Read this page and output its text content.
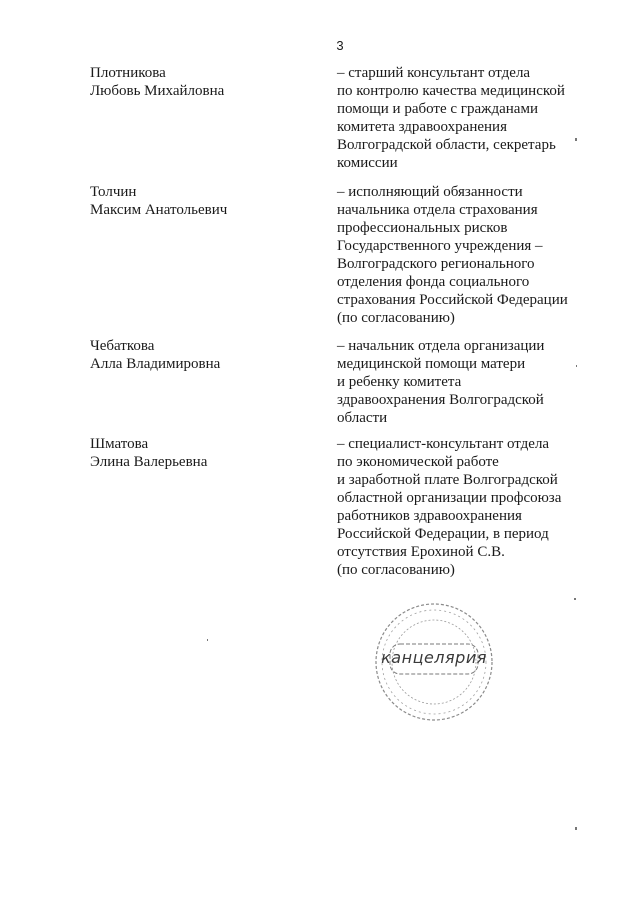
3
Плотникова
Любовь Михайловна
– старший консультант отдела
по контролю качества медицинской
помощи и работе с гражданами
комитета здравоохранения
Волгоградской области, секретарь
комиссии
Толчин
Максим Анатольевич
– исполняющий обязанности
начальника отдела страхования
профессиональных рисков
Государственного учреждения –
Волгоградского регионального
отделения фонда социального
страхования Российской Федерации
(по согласованию)
Чебаткова
Алла Владимировна
– начальник отдела организации
медицинской помощи матери
и ребенку комитета
здравоохранения Волгоградской
области
Шматова
Элина Валерьевна
– специалист-консультант отдела
по экономической работе
и заработной плате Волгоградской
областной организации профсоюза
работников здравоохранения
Российской Федерации, в период
отсутствия Ерохиной С.В.
(по согласованию)
канцелярия
